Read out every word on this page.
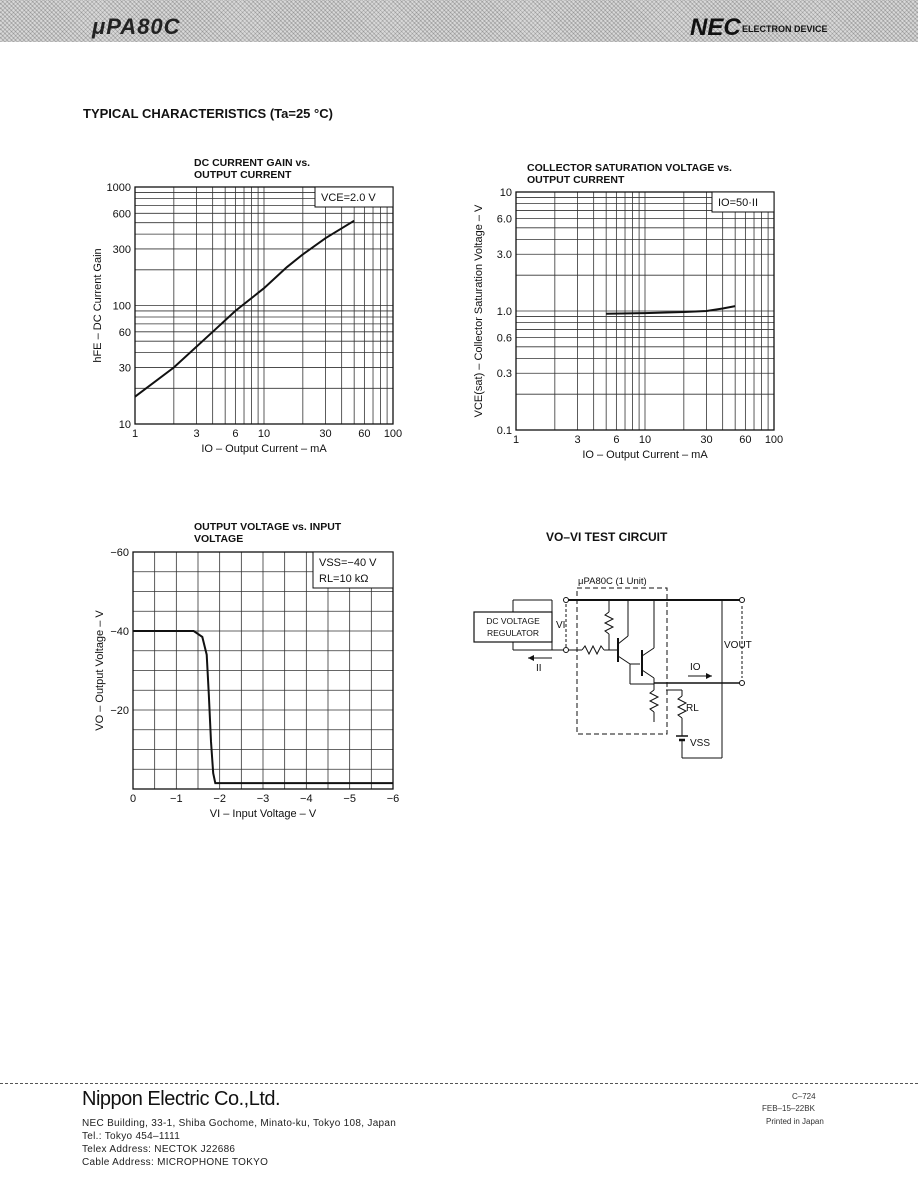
μPA80C	NEC ELECTRON DEVICE
TYPICAL CHARACTERISTICS (Ta=25 °C)
DC CURRENT GAIN vs. OUTPUT CURRENT
COLLECTOR SATURATION VOLTAGE vs. OUTPUT CURRENT
OUTPUT VOLTAGE vs. INPUT VOLTAGE
1	3	6 10	30 60 100
1000
600
300
100
60
30
10
IO – Output Current – mA
hFE – DC Current Gain
VCE=2.0 V
1	3	6 10	30 60 100
10
6.0
3.0
1.0
0.6
0.3
0.1
IO – Output Current – mA
VCE(sat) – Collector Saturation Voltage – V
IO=50·II
0	−1	−2	−3	−4	−5	−6
−60
−40
−20
VI – Input Voltage – V
VO – Output Voltage – V
VSS=−40 V
RL=10 kΩ
VO–VI TEST CIRCUIT
DC VOLTAGE
REGULATOR
VI
II
μPA80C (1 Unit)
IO
RL
VSS
VOUT
Nippon Electric Co.,Ltd.
NEC Building, 33-1, Shiba Gochome, Minato-ku, Tokyo 108, Japan
Tel.: Tokyo 454–1111
Telex Address: NECTOK J22686
Cable Address: MICROPHONE TOKYO
C–724
FEB–15–22BK
Printed in Japan
